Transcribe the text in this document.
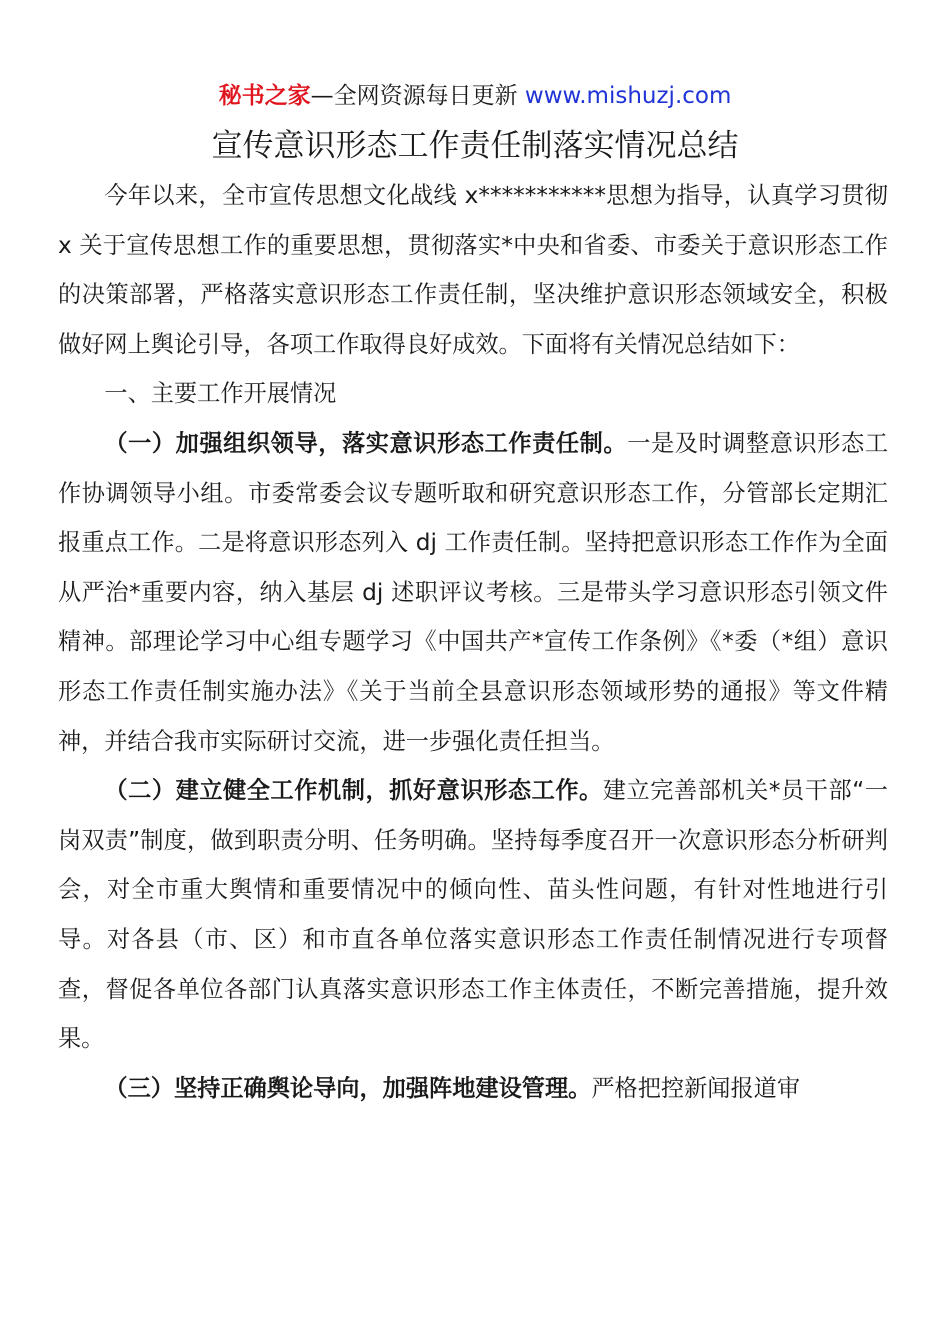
秘书之家—全网资源每日更新 www.mishuzj.com
宣传意识形态工作责任制落实情况总结

今年以来，全市宣传思想文化战线 x***********思想为指导，认真学习贯彻 x 关于宣传思想工作的重要思想，贯彻落实*中央和省委、市委关于意识形态工作的决策部署，严格落实意识形态工作责任制，坚决维护意识形态领域安全，积极做好网上舆论引导，各项工作取得良好成效。下面将有关情况总结如下：

一、主要工作开展情况

（一）加强组织领导，落实意识形态工作责任制。一是及时调整意识形态工作协调领导小组。市委常委会议专题听取和研究意识形态工作，分管部长定期汇报重点工作。二是将意识形态列入 dj 工作责任制。坚持把意识形态工作作为全面从严治*重要内容，纳入基层 dj 述职评议考核。三是带头学习意识形态引领文件精神。部理论学习中心组专题学习《中国共产*宣传工作条例》《*委（*组）意识形态工作责任制实施办法》《关于当前全县意识形态领域形势的通报》等文件精神，并结合我市实际研讨交流，进一步强化责任担当。

（二）建立健全工作机制，抓好意识形态工作。建立完善部机关*员干部“一岗双责”制度，做到职责分明、任务明确。坚持每季度召开一次意识形态分析研判会，对全市重大舆情和重要情况中的倾向性、苗头性问题，有针对性地进行引导。对各县（市、区）和市直各单位落实意识形态工作责任制情况进行专项督查，督促各单位各部门认真落实意识形态工作主体责任，不断完善措施，提升效果。

（三）坚持正确舆论导向，加强阵地建设管理。严格把控新闻报道审
